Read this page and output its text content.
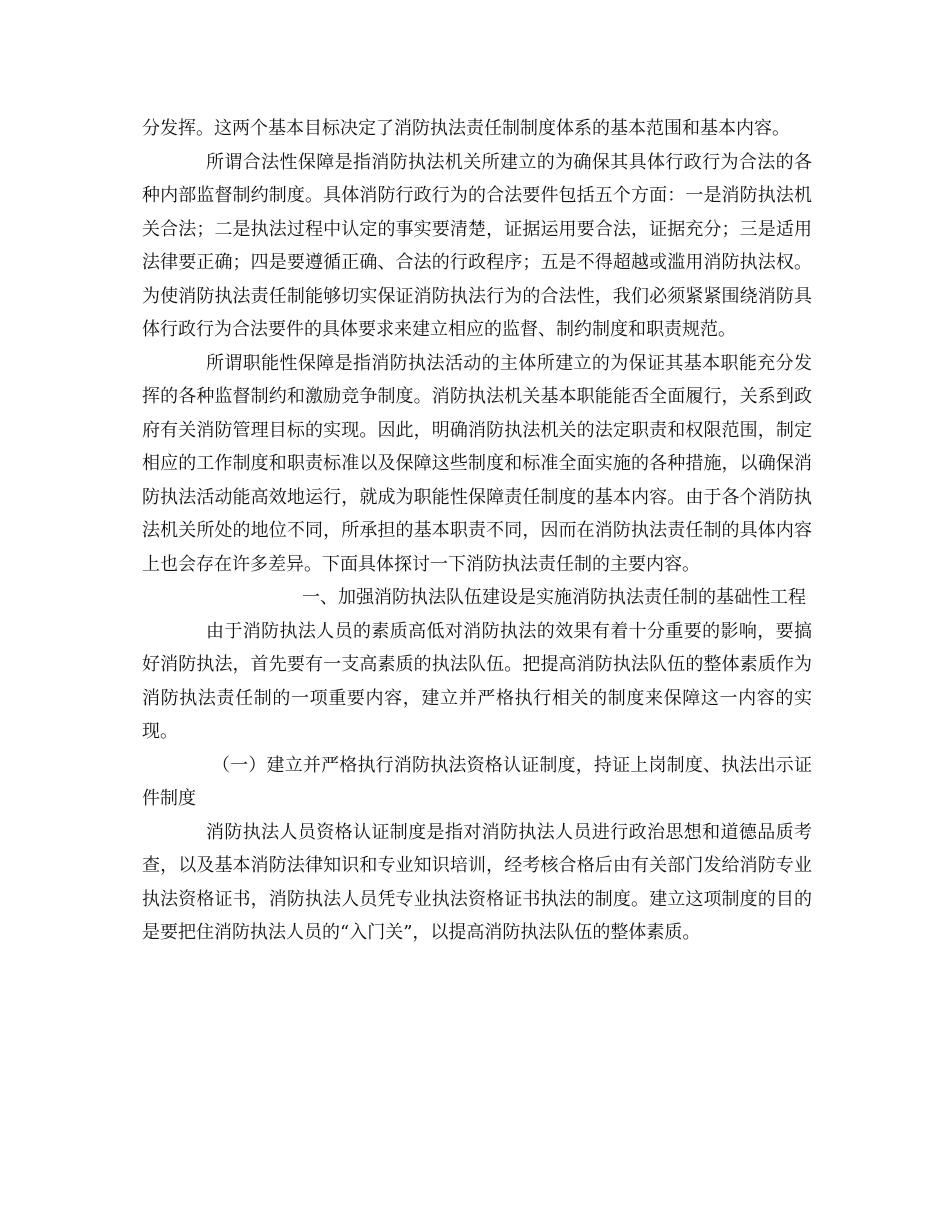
分发挥。这两个基本目标决定了消防执法责任制制度体系的基本范围和基本内容。

所谓合法性保障是指消防执法机关所建立的为确保其具体行政行为合法的各种内部监督制约制度。具体消防行政行为的合法要件包括五个方面：一是消防执法机关合法；二是执法过程中认定的事实要清楚，证据运用要合法，证据充分；三是适用法律要正确；四是要遵循正确、合法的行政程序；五是不得超越或滥用消防执法权。为使消防执法责任制能够切实保证消防执法行为的合法性，我们必须紧紧围绕消防具体行政行为合法要件的具体要求来建立相应的监督、制约制度和职责规范。

所谓职能性保障是指消防执法活动的主体所建立的为保证其基本职能充分发挥的各种监督制约和激励竞争制度。消防执法机关基本职能能否全面履行，关系到政府有关消防管理目标的实现。因此，明确消防执法机关的法定职责和权限范围，制定相应的工作制度和职责标准以及保障这些制度和标准全面实施的各种措施，以确保消防执法活动能高效地运行，就成为职能性保障责任制度的基本内容。由于各个消防执法机关所处的地位不同，所承担的基本职责不同，因而在消防执法责任制的具体内容上也会存在许多差异。下面具体探讨一下消防执法责任制的主要内容。

一、加强消防执法队伍建设是实施消防执法责任制的基础性工程

由于消防执法人员的素质高低对消防执法的效果有着十分重要的影响，要搞好消防执法，首先要有一支高素质的执法队伍。把提高消防执法队伍的整体素质作为消防执法责任制的一项重要内容，建立并严格执行相关的制度来保障这一内容的实现。

（一）建立并严格执行消防执法资格认证制度，持证上岗制度、执法出示证件制度

消防执法人员资格认证制度是指对消防执法人员进行政治思想和道德品质考查，以及基本消防法律知识和专业知识培训，经考核合格后由有关部门发给消防专业执法资格证书，消防执法人员凭专业执法资格证书执法的制度。建立这项制度的目的是要把住消防执法人员的“入门关”，以提高消防执法队伍的整体素质。
